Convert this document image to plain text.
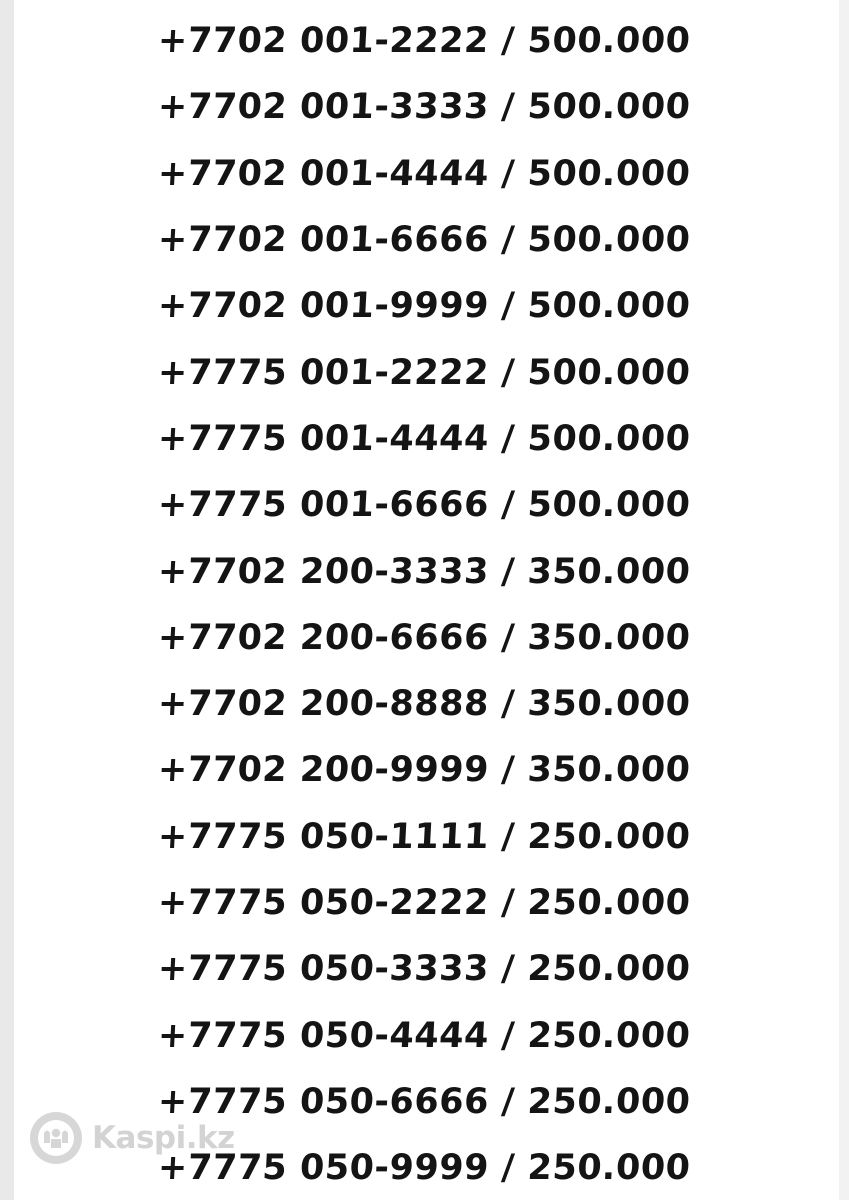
+7702 001-2222 / 500.000
+7702 001-3333 / 500.000
+7702 001-4444 / 500.000
+7702 001-6666 / 500.000
+7702 001-9999 / 500.000
+7775 001-2222 / 500.000
+7775 001-4444 / 500.000
+7775 001-6666 / 500.000
+7702 200-3333 / 350.000
+7702 200-6666 / 350.000
+7702 200-8888 / 350.000
+7702 200-9999 / 350.000
+7775 050-1111 / 250.000
+7775 050-2222 / 250.000
+7775 050-3333 / 250.000
+7775 050-4444 / 250.000
+7775 050-6666 / 250.000
+7775 050-9999 / 250.000
Kaspi.kz
